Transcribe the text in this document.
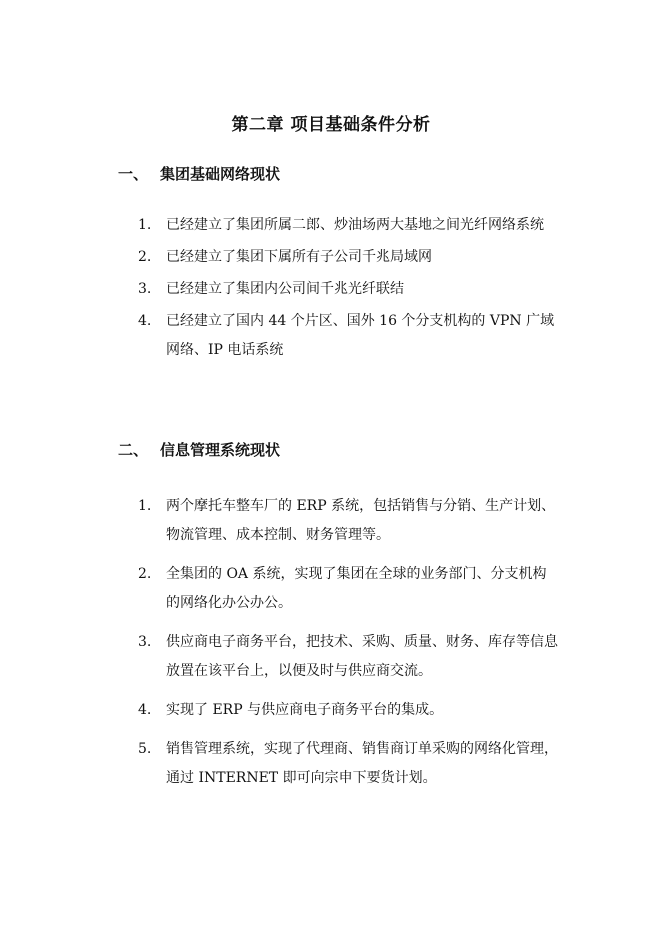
第二章 项目基础条件分析
一、 集团基础网络现状
1.	已经建立了集团所属二郎、炒油场两大基地之间光纤网络系统
2.	已经建立了集团下属所有子公司千兆局域网
3.	已经建立了集团内公司间千兆光纤联结
4.	已经建立了国内 44 个片区、国外 16 个分支机构的 VPN 广域网络、IP 电话系统
二、 信息管理系统现状
1.	两个摩托车整车厂的 ERP 系统，包括销售与分销、生产计划、物流管理、成本控制、财务管理等。
2.	全集团的 OA 系统，实现了集团在全球的业务部门、分支机构的网络化办公办公。
3.	供应商电子商务平台，把技术、采购、质量、财务、库存等信息放置在该平台上，以便及时与供应商交流。
4.	实现了 ERP 与供应商电子商务平台的集成。
5.	销售管理系统，实现了代理商、销售商订单采购的网络化管理，通过 INTERNET 即可向宗申下要货计划。
